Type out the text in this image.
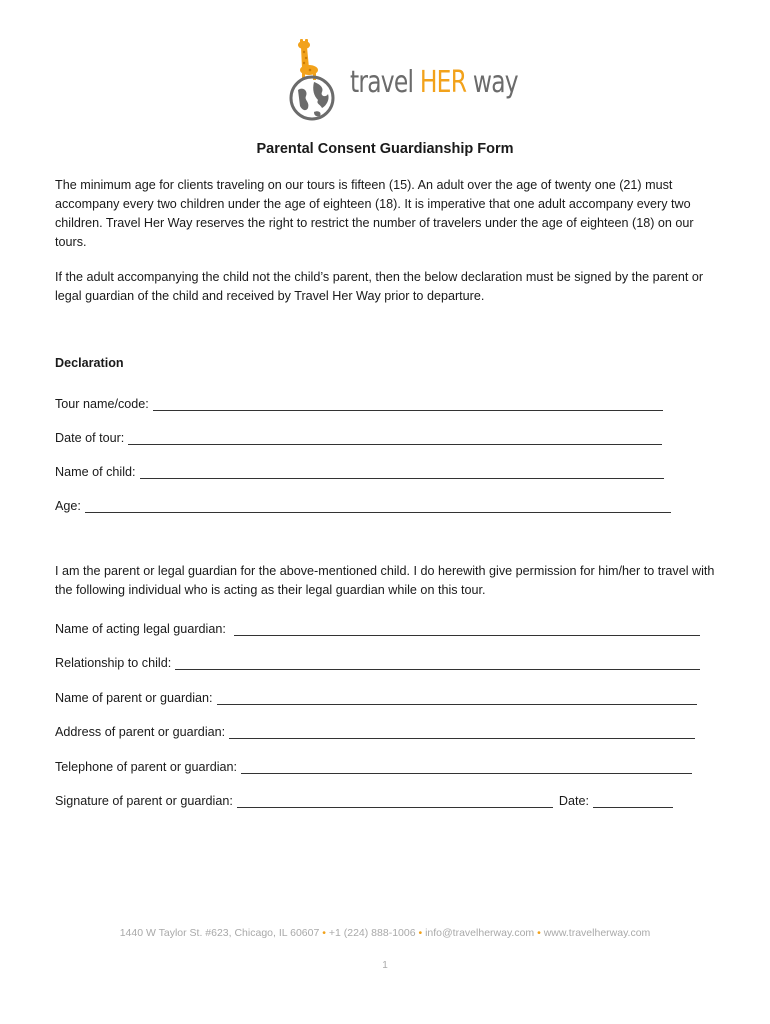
travel HER way
Parental Consent Guardianship Form

The minimum age for clients traveling on our tours is fifteen (15). An adult over the age of twenty one (21) must accompany every two children under the age of eighteen (18). It is imperative that one adult accompany every two children. Travel Her Way reserves the right to restrict the number of travelers under the age of eighteen (18) on our tours.

If the adult accompanying the child not the child’s parent, then the below declaration must be signed by the parent or legal guardian of the child and received by Travel Her Way prior to departure.

Declaration
Tour name/code:
Date of tour:
Name of child:
Age:

I am the parent or legal guardian for the above-mentioned child. I do herewith give permission for him/her to travel with the following individual who is acting as their legal guardian while on this tour.

Name of acting legal guardian:
Relationship to child:
Name of parent or guardian:
Address of parent or guardian:
Telephone of parent or guardian:
Signature of parent or guardian:	Date:
1440 W Taylor St. #623, Chicago, IL 60607 • +1 (224) 888-1006 • info@travelherway.com • www.travelherway.com
1
